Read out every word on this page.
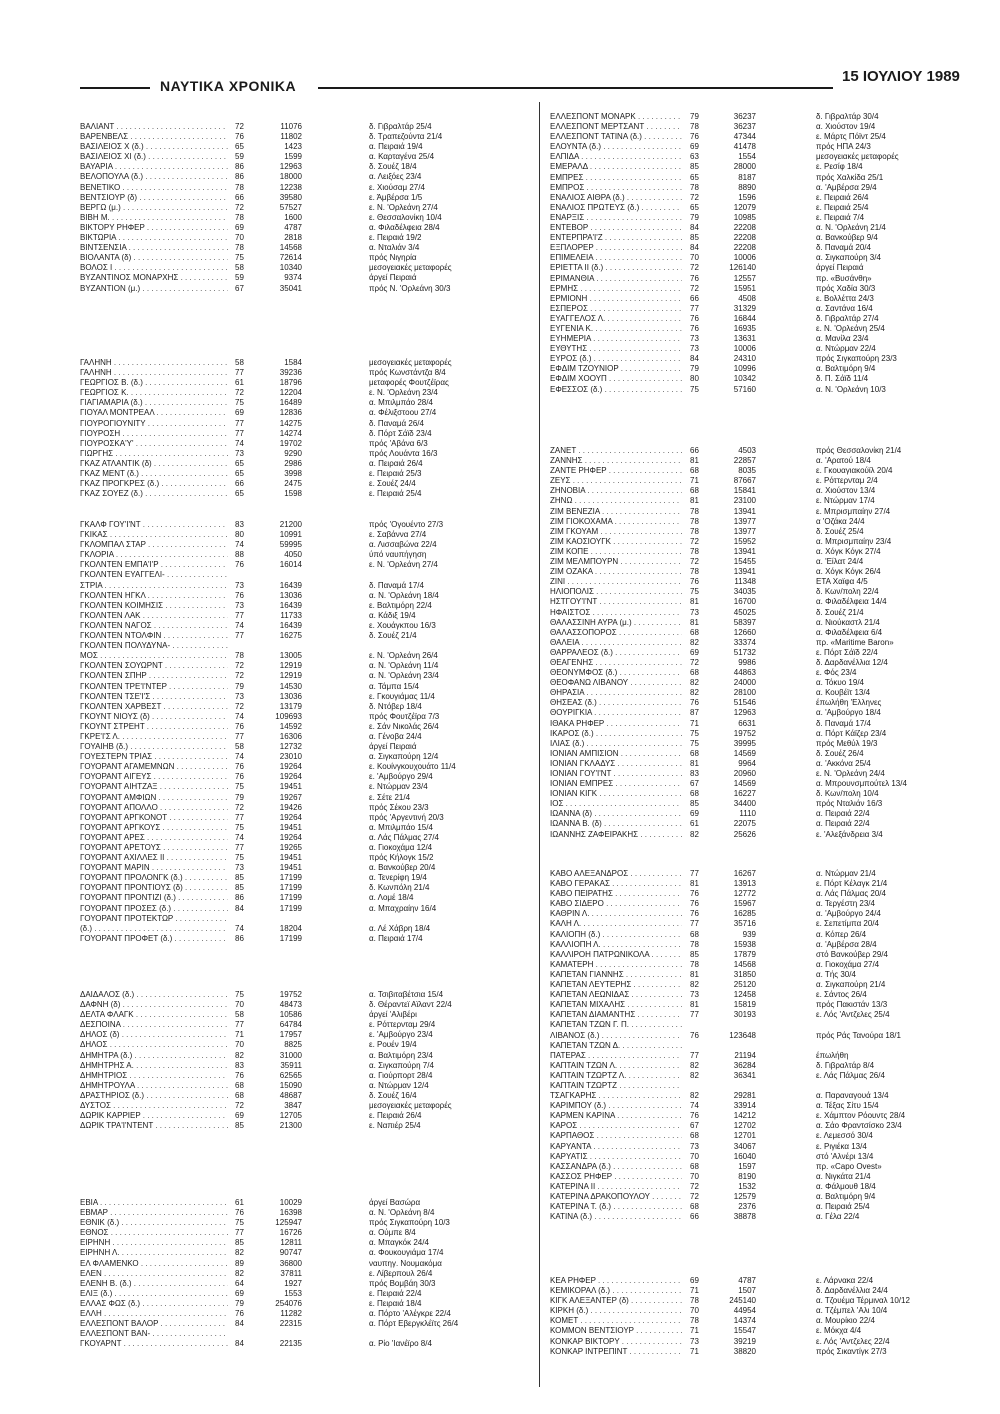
ΝΑΥΤΙΚΑ ΧΡΟΝΙΚΑ
15 ΙΟΥΛΙΟΥ 1989
ΒΑΛΙΑΝΤ . . .	72	11076	δ. Γιβραλτάρ 25/4
ΒΑΡΕΝΒΕΛΣ . . .	76	11802	δ. Τραπεζούντα 21/4
ΒΑΣΙΛΕΙΟΣ Χ (δ.) . . .	65	1423	α. Πειραιά 19/4
ΒΑΣΙΛΕΙΟΣ ΧΙ (δ.) . . .	59	1599	α. Καρταγένα 25/4
ΒΑΥΑΡΙΑ . . .	86	12963	δ. Σουέζ 18/4
ΒΕΛΟΠΟΥΛΑ (δ.) . . .	86	18000	α. Λειξόες 23/4
ΒΕΝΕΤΙΚΟ . . .	78	12238	ε. Χιούσαμ 27/4
ΒΕΝΤΣΙΟΥΡ (δ) . . .	66	39580	ε. Άμβέρσα 1/5
ΒΕΡΓΩ (μ.) . . .	72	57527	ε. Ν. 'Ορλεάνη 27/4
ΒΙΒΗ Μ. . . .	78	1600	ε. Θεσσαλονίκη 10/4
ΒΙΚΤΟΡΥ ΡΗΦΕΡ . . .	69	4787	α. Φιλαδέλφεια 28/4
ΒΙΚΤΩΡΙΑ . . .	70	2818	ε. Πειραιά 19/2
ΒΙΝΤΣΕΝΣΙΑ . . .	78	14568	α. Νταλιάν 3/4
ΒΙΟΛΑΝΤΑ (δ) . . .	75	72614	πρός Νιγηρία
ΒΟΛΟΣ Ι . . .	58	10340	μεσογειακές μεταφορές
ΒΥΖΑΝΤΙΝΟΣ ΜΟΝΑΡΧΗΣ . . .	59	9374	άργεί Πειραιά
ΒΥΖΑΝΤΙΟΝ (μ.) . . .	67	35041	πρός Ν. 'Ορλεάνη 30/3
ΓΑΛΗΝΗ . . .	58	1584	μεσογειακές μεταφορές
ΓΑΛΗΝΗ . . .	77	39236	πρός Κωνστάντζα 8/4
ΓΕΩΡΓΙΟΣ Β. (δ.) . . .	61	18796	μεταφορές Φουτζέϊρας
ΓΕΩΡΓΙΟΣ Κ. . . .	72	12204	ε. Ν. 'Ορλεάνη 23/4
ΓΙΑΓΙΑΜΑΡΙΑ (δ.) . . .	75	16489	α. Μπιλμπάο 28/4
ΓΙΟΥΑΛ ΜΟΝΤΡΕΑΛ . . .	69	12836	α. Φέλιξστοου 27/4
ΓΙΟΥΡΟΓΙΟΥΝΙΤΥ . . .	77	14275	δ. Παναμά 26/4
ΓΙΟΥΡΟΣΗ . . .	77	14274	δ. Πόρτ Σάϊδ 23/4
ΓΙΟΥΡΟΣΚΑ'Υ' . . .	74	19702	πρός 'Αβάνα 6/3
ΓΙΩΡΓΗΣ . . .	73	9290	πρός Λουάντα 16/3
ΓΚΑΖ ΑΤΛΑΝΤΙΚ (δ) . . .	65	2986	α. Πειραιά 26/4
ΓΚΑΖ ΜΕΝΤ (δ.) . . .	65	3998	ε. Πειραιά 25/3
ΓΚΑΖ ΠΡΟΓΚΡΕΣ (δ.) . . .	66	2475	ε. Σουέζ 24/4
ΓΚΑΖ ΣΟΥΕΖ (δ.) . . .	65	1598	ε. Πειραιά 25/4
ΓΚΑΛΦ ΓΟΥ'Ι'ΝΤ . . .	83	21200	πρός 'Ογουέντο 27/3
ΓΚΙΚΑΣ . . .	80	10991	ε. Σαβάννα 27/4
ΓΚΛΟΜΠΑΛ ΣΤΑΡ . . .	74	59995	α. Λισσαβώνα 22/4
ΓΚΛΟΡΙΑ . . .	88	4050	ύπό ναυπήγηση
ΓΚΟΛΝΤΕΝ ΕΜΠΑ'Ι'Ρ . . .	76	16014	ε. Ν. 'Ορλεάνη 27/4
ΓΚΟΛΝΤΕΝ ΕΥΑΓΓΕΛΙ- . . .
ΣΤΡΙΑ . . .	73	16439	δ. Παναμά 17/4
ΓΚΟΛΝΤΕΝ ΗΓΚΛ . . .	76	13036	α. Ν. 'Ορλεάνη 18/4
ΓΚΟΛΝΤΕΝ ΚΟΙΜΗΣΙΣ . . .	73	16439	ε. Βαλτιμόρη 22/4
ΓΚΟΛΝΤΕΝ ΛΑΚ . . .	77	11733	α. Κάδιξ 19/4
ΓΚΟΛΝΤΕΝ ΝΑΓΟΣ . . .	74	16439	ε. Χουάγκπου 16/3
ΓΚΟΛΝΤΕΝ ΝΤΟΛΦΙΝ . . .	77	16275	δ. Σουέζ 21/4
ΓΚΟΛΝΤΕΝ ΠΟΛΥΔΥΝΑ- . . .
ΜΟΣ . . .	78	13005	ε. Ν. 'Ορλεάνη 26/4
ΓΚΟΛΝΤΕΝ ΣΟΥΩΡΝΤ . . .	72	12919	α. Ν. 'Ορλεάνη 11/4
ΓΚΟΛΝΤΕΝ ΣΠΗΡ . . .	72	12919	α. Ν. 'Ορλεάνη 23/4
ΓΚΟΛΝΤΕΝ ΤΡΕ'Ι'ΝΤΕΡ . . .	79	14530	α. Τάμπα 15/4
ΓΚΟΛΝΤΕΝ ΤΣΕ'Ι'Σ . . .	73	13036	ε. Γκουγιάμας 11/4
ΓΚΟΛΝΤΕΝ ΧΑΡΒΕΣΤ . . .	72	13179	δ. Ντόβερ 18/4
ΓΚΟΥΝΤ ΝΙΟΥΣ (δ) . . .	74	109693	πρός Φουτζέϊρα 7/3
ΓΚΟΥΝΤ ΣΤΡΕΗΤ . . .	76	14592	ε. Σάν Νικολάς 26/4
ΓΚΡΕ'Ι'Σ Λ. . . .	77	16306	α. Γένοβα 24/4
ΓΟΥΑΙΗΒ (δ.) . . .	58	12732	άργεί Πειραιά
ΓΟΥΕΣΤΕΡΝ ΤΡΙΑΣ . . .	74	23010	α. Σιγκαπούρη 12/4
ΓΟΥΟΡΑΝΤ ΑΓΑΜΕΜΝΩΝ . . .	76	19264	ε. Κουίνγκουχουάτο 11/4
ΓΟΥΟΡΑΝΤ ΑΙΓΕΥΣ . . .	76	19264	ε. 'Αμβούργο 29/4
ΓΟΥΟΡΑΝΤ ΑΙΗΤΖΑΞ . . .	75	19451	ε. Ντώρμαν 23/4
ΓΟΥΟΡΑΝΤ ΑΜΦΙΩΝ . . .	79	19267	ε. Σέτε 21/4
ΓΟΥΟΡΑΝΤ ΑΠΟΛΛΟ . . .	72	19426	πρός Σέκου 23/3
ΓΟΥΟΡΑΝΤ ΑΡΓΚΟΝΟΤ . . .	77	19264	πρός 'Αργεντινή 20/3
ΓΟΥΟΡΑΝΤ ΑΡΓΚΟΥΣ . . .	75	19451	α. Μπιλμπάο 15/4
ΓΟΥΟΡΑΝΤ ΑΡΕΣ . . .	74	19264	α. Λάς Πάλμας 27/4
ΓΟΥΟΡΑΝΤ ΑΡΕΤΟΥΣ . . .	77	19265	α. Γιοκοχάμα 12/4
ΓΟΥΟΡΑΝΤ ΑΧΙΛΛΕΣ ΙΙ . . .	75	19451	πρός Κήλογκ 15/2
ΓΟΥΟΡΑΝΤ ΜΑΡΙΝ . . .	73	19451	α. Βανκούβερ 20/4
ΓΟΥΟΡΑΝΤ ΠΡΟΛΟΝΓΚ (δ.) . . .	85	17199	α. Τενερίφη 19/4
ΓΟΥΟΡΑΝΤ ΠΡΟΝΤΙΟΥΣ (δ) . . .	85	17199	δ. Κωνπόλη 21/4
ΓΟΥΟΡΑΝΤ ΠΡΟΝΤΙΖΙ (δ.) . . .	86	17199	α. Λομέ 18/4
ΓΟΥΟΡΑΝΤ ΠΡΟΣΕΣ (δ.) . . .	84	17199	α. Μπαχραίην 16/4
ΓΟΥΟΡΑΝΤ ΠΡΟΤΕΚΤΩΡ . . .
(δ.) . . .	74	18204	α. Λέ Χάβρη 18/4
ΓΟΥΟΡΑΝΤ ΠΡΟΦΕΤ (δ.) . . .	86	17199	α. Πειραιά 17/4
ΔΑΙΔΑΛΟΣ (δ.) . . .	75	19752	α. Τσιβιταβέτσια 15/4
ΔΑΦΝΗ (δ) . . .	70	48473	δ. Θέραντεϊ Αϊλαντ 22/4
ΔΕΛΤΑ ΦΛΑΓΚ . . .	58	10586	άργεί 'Αλιβέρι
ΔΕΣΠΟΙΝΑ . . .	77	64784	ε. Ρόττερνταμ 29/4
ΔΗΛΟΣ (δ) . . .	71	17957	ε. 'Αμβούργο 23/4
ΔΗΛΟΣ . . .	70	8825	ε. Ρουέν 19/4
ΔΗΜΗΤΡΑ (δ.) . . .	82	31000	α. Βαλτιμόρη 23/4
ΔΗΜΗΤΡΗΣ Α. . . .	83	35911	α. Σιγκαπούρη 7/4
ΔΗΜΗΤΡΙΟΣ . . .	76	62565	α. Γιούρπορτ 28/4
ΔΗΜΗΤΡΟΥΛΑ . . .	68	15090	α. Ντώρμαν 12/4
ΔΡΑΣΤΗΡΙΟΣ (δ.) . . .	68	48687	δ. Σουέζ 16/4
ΔΥΣΤΟΣ . . .	72	3847	μεσογειακές μεταφορές
ΔΩΡΙΚ ΚΑΡΡΙΕΡ . . .	69	12705	ε. Πειραιά 26/4
ΔΩΡΙΚ ΤΡΑ'Ι'ΝΤΕΝΤ . . .	85	21300	ε. Ναπιέρ 25/4
ΕΒΙΑ . . .	61	10029	άργεί Βασώρα
ΕΒΜΑΡ . . .	76	16398	α. Ν. 'Ορλεάνη 8/4
ΕΘΝΙΚ (δ.) . . .	75	125947	πρός Σιγκαπούρη 10/3
ΕΘΝΟΣ . . .	77	16726	α. Ούμπε 8/4
ΕΙΡΗΝΗ . . .	85	12811	α. Μπαγκόκ 24/4
ΕΙΡΗΝΗ Λ. . . .	82	90747	α. Φουκουγιάμα 17/4
ΕΛ ΦΛΑΜΕΝΚΟ . . .	89	36800	ναυπηγ. Νουμακόμα
ΕΛΕΝ . . .	82	37811	ε. Λίβερπουλ 26/4
ΕΛΕΝΗ Β. (δ.) . . .	64	1927	πρός Βομβάη 30/3
ΕΛΙΞ (δ.) . . .	69	1553	ε. Πειραιά 22/4
ΕΛΛΑΣ ΦΩΣ (δ.) . . .	79	254076	ε. Πειραιά 18/4
ΕΛΛΗ . . .	76	11282	α. Πόρτο 'Αλέγκρε 22/4
ΕΛΛΕΣΠΟΝΤ ΒΑΛΟΡ . . .	84	22315	α. Πόρτ Εβεργκλέϊτς 26/4
ΕΛΛΕΣΠΟΝΤ ΒΑΝ- . . .
ΓΚΟΥΑΡΝΤ . . .	84	22135	α. Ρίο 'Ιανέϊρο 8/4
ΕΛΛΕΣΠΟΝΤ ΜΟΝΑΡΚ . . .	79	36237	δ. Γιβραλτάρ 30/4
ΕΛΛΕΣΠΟΝΤ ΜΕΡΤΣΑΝΤ . . .	78	36237	α. Χιούστον 19/4
ΕΛΛΕΣΠΟΝΤ ΤΑΤΙΝΑ (δ.) . . .	76	47344	ε. Μάρτς Πόϊντ 25/4
ΕΛΟΥΝΤΑ (δ.) . . .	69	41478	πρός ΗΠΑ 24/3
ΕΛΠΙΔΑ . . .	63	1554	μεσογειακές μεταφορές
ΕΜΕΡΑΛΔ . . .	85	28000	ε. Ρεσίφ 18/4
ΕΜΠΡΕΣ . . .	65	8187	πρός Χαλκίδα 25/1
ΕΜΠΡΟΣ . . .	78	8890	α. 'Αμβέρσα 29/4
ΕΝΑΛΙΟΣ ΑΙΘΡΑ (δ.) . . .	72	1596	ε. Πειραιά 26/4
ΕΝΑΛΙΟΣ ΠΡΩΤΕΥΣ (δ.) . . .	65	12079	ε. Πειραιά 25/4
ΕΝΑΡΞΙΣ . . .	79	10985	ε. Πειραιά 7/4
ΕΝΤΕΒΟΡ . . .	84	22208	α. Ν. 'Ορλεάνη 21/4
ΕΝΤΕΡΠΡΑ'Ι'Ζ . . .	85	22208	α. Βανκούβερ 9/4
ΕΞΠΛΟΡΕΡ . . .	84	22208	δ. Παναμά 20/4
ΕΠΙΜΕΛΕΙΑ . . .	70	10006	α. Σιγκαπούρη 3/4
ΕΡΙΕΤΤΑ ΙΙ (δ.) . . .	72	126140	άργεί Πειραιά
ΕΡΙΜΑΝΘΙΑ . . .	76	12557	πρ. «Βυσάνθη»
ΕΡΜΗΣ . . .	72	15951	πρός Χαδία 30/3
ΕΡΜΙΟΝΗ . . .	66	4508	ε. Βολλέττα 24/3
ΕΣΠΕΡΟΣ . . .	77	31329	α. Σαντάνα 16/4
ΕΥΑΓΓΕΛΟΣ Λ. . . .	76	16844	δ. Γιβραλτάρ 27/4
ΕΥΓΕΝΙΑ Κ. . . .	76	16935	ε. Ν. 'Ορλεάνη 25/4
ΕΥΗΜΕΡΙΑ . . .	73	13631	α. Μανίλα 23/4
ΕΥΘΥΤΗΣ . . .	73	10006	α. Ντώρμαν 22/4
ΕΥΡΟΣ (δ.) . . .	84	24310	πρός Σιγκαπούρη 23/3
ΕΦΔΙΜ ΤΖΟΥΝΙΟΡ . . .	79	10996	α. Βαλτιμόρη 9/4
ΕΦΔΙΜ ΧΟΟΥΠ . . .	80	10342	δ. Π. Σάϊδ 11/4
ΕΦΕΣΣΟΣ (δ.) . . .	75	57160	α. Ν. 'Ορλεάνη 10/3
ΖΑΝΕΤ . . .	66	4503	πρός Θεσσαλονίκη 21/4
ΖΑΝΝΗΣ . . .	81	22857	α. 'Αρατού 18/4
ΖΑΝΤΕ ΡΗΦΕΡ . . .	68	8035	ε. Γκουαγιακούϊλ 20/4
ΖΕΥΣ . . .	71	87667	ε. Ρόττερνταμ 2/4
ΖΗΝΟΒΙΑ . . .	68	15841	α. Χιούστον 13/4
ΖΗΝΩ . . .	81	23100	ε. Ντώρμαν 17/4
ΖΙΜ ΒΕΝΕΖΙΑ . . .	78	13941	ε. Μπρισμπαίην 27/4
ΖΙΜ ΓΙΟΚΟΧΑΜΑ . . .	78	13977	α 'Οζάκα 24/4
ΖΙΜ ΓΚΟΥΑΜ . . .	78	13977	δ. Σουέζ 25/4
ΖΙΜ ΚΑΟΣΙΟΥΓΚ . . .	72	15952	α. Μπρισμπαίην 23/4
ΖΙΜ ΚΟΠΕ . . .	78	13941	α. Χόγκ Κόγκ 27/4
ΖΙΜ ΜΕΛΜΠΟΥΡΝ . . .	72	15455	α. 'Είλατ 24/4
ΖΙΜ ΟΖΑΚΑ . . .	78	13941	α. Χόγκ Κόγκ 26/4
ΖΙΝΙ . . .	76	11348	ΕΤΑ Χαϊφα 4/5
ΗΛΙΟΠΟΛΙΣ . . .	75	34035	δ. Κων/πολη 22/4
ΗΣΤΓΟΥ'Ι'ΝΤ . . .	81	16700	α. Φιλαδέλφεια 14/4
ΗΦΑΙΣΤΟΣ . . .	73	45025	δ. Σουέζ 21/4
ΘΑΛΑΣΣΙΝΗ ΑΥΡΑ (μ.) . . .	81	58397	α. Νιούκαστλ 21/4
ΘΑΛΑΣΣΟΠΟΡΟΣ . . .	68	12660	α. Φιλαδέλφεια 6/4
ΘΑΛΕΙΑ . . .	82	33374	πρ. «Maritime Baron»
ΘΑΡΡΑΛΕΟΣ (δ.) . . .	69	51732	ε. Πόρτ Σάϊδ 22/4
ΘΕΑΓΕΝΗΣ . . .	72	9986	δ. Δαρδανέλλια 12/4
ΘΕΟΝΥΜΦΟΣ (δ.) . . .	68	44863	ε. Φός 23/4
ΘΕΟΦΑΝΩ ΛΙΒΑΝΟΥ . . .	82	24000	α. Τόκυο 19/4
ΘΗΡΑΣΙΑ . . .	82	28100	α. Κουβέϊτ 13/4
ΘΗΣΕΑΣ (δ.) . . .	76	51546	έπωλήθη 'Ελληνες
ΘΟΥΡΙΓΚΙΑ . . .	87	12963	α. 'Αμβούργο 18/4
ΙΘΑΚΑ ΡΗΦΕΡ . . .	71	6631	δ. Παναμά 17/4
ΙΚΑΡΟΣ (δ.) . . .	75	19752	α. Πόρτ Κάϊζερ 23/4
ΙΛΙΑΣ (δ.) . . .	75	39995	πρός Μεθύλ 19/3
ΙΟΝΙΑΝ ΑΜΠΙΣΙΟΝ . . .	68	14569	δ. Σουέζ 26/4
ΙΟΝΙΑΝ ΓΚΛΑΔΥΣ . . .	81	9964	α. 'Ακκόνα 25/4
ΙΟΝΙΑΝ ΓΟΥ'Ι'ΝΤ . . .	83	20960	ε. Ν. 'Ορλεάνη 24/4
ΙΟΝΙΑΝ ΕΜΠΡΕΣ . . .	67	14569	α. Μπρουνσμπούτελ 13/4
ΙΟΝΙΑΝ ΚΙΓΚ . . .	68	16227	δ. Κων/πολη 10/4
ΙΟΣ . . .	85	34400	πρός Νταλιάν 16/3
ΙΩΑΝΝΑ (δ) . . .	69	1110	α. Πειραιά 22/4
ΙΩΑΝΝΑ Β. (δ) . . .	61	22075	α. Πειραιά 22/4
ΙΩΑΝΝΗΣ ΖΑΦΕΙΡΑΚΗΣ . . .	82	25626	ε. 'Αλεξάνδρεια 3/4
ΚΑΒΟ ΑΛΕΞΑΝΔΡΟΣ . . .	77	16267	α. Ντώρμαν 21/4
ΚΑΒΟ ΓΕΡΑΚΑΣ . . .	81	13913	ε. Πόρτ Κέλαγκ 21/4
ΚΑΒΟ ΠΕΙΡΑΤΗΣ . . .	76	12772	α. Λάς Πάλμας 20/4
ΚΑΒΟ ΣΙΔΕΡΟ . . .	76	15967	α. Τεργέστη 23/4
ΚΑΘΡΙΝ Λ. . . .	76	16285	α. 'Αμβούργο 24/4
ΚΑΛΗ Λ. . . .	77	35716	ε. Σεπετίμπα 20/4
ΚΑΛΙΟΠΗ (δ.) . . .	68	939	α. Κόπερ 26/4
ΚΑΛΛΙΟΠΗ Λ. . . .	78	15938	α. 'Αμβέρσα 28/4
ΚΑΛΛΙΡΟΗ ΠΑΤΡΩΝΙΚΟΛΑ . . .	85	17879	στό Βανκούβερ 29/4
ΚΑΜΑΤΕΡΗ . . .	78	14568	α. Γιοκοχάμα 27/4
ΚΑΠΕΤΑΝ ΓΙΑΝΝΗΣ . . .	81	31850	α. Τής 30/4
ΚΑΠΕΤΑΝ ΛΕΥΤΕΡΗΣ . . .	82	25120	α. Σιγκαπούρη 21/4
ΚΑΠΕΤΑΝ ΛΕΩΝΙΔΑΣ . . .	73	12458	ε. Σάντος 26/4
ΚΑΠΕΤΑΝ ΜΙΧΑΛΗΣ . . .	81	15819	πρός Πακιστάν 13/3
ΚΑΠΕΤΑΝ ΔΙΑΜΑΝΤΗΣ . . .	77	30193	ε. Λός 'Αντζελες 25/4
ΚΑΠΕΤΑΝ ΤΖΩΝ Γ. Π. . . .
ΛΙΒΑΝΟΣ (δ.) . . .	76	123648	πρός Ράς Τανούρα 18/1
ΚΑΠΕΤΑΝ ΤΖΩΝ Δ. . . .
ΠΑΤΕΡΑΣ . . .	77	21194	έπωλήθη
ΚΑΠΤΑΙΝ ΤΖΩΝ Λ. . . .	82	36284	δ. Γιβραλτάρ 8/4
ΚΑΠΤΑΙΝ ΤΖΩΡΤΖ Λ. . . .	82	36341	ε. Λάς Πάλμας 26/4
ΚΑΠΤΑΙΝ ΤΖΩΡΤΖ . . .
ΤΣΑΓΚΑΡΗΣ . . .	82	29281	α. Παραναγουά 13/4
ΚΑΡΙΜΠΟΥ (δ.) . . .	74	33914	α. Τέξας Σίτυ 15/4
ΚΑΡΜΕΝ ΚΑΡΙΝΑ . . .	76	14212	ε. Χάμπτον Ρόουντς 28/4
ΚΑΡΟΣ . . .	67	12702	α. Σάο Φραντσίσκο 23/4
ΚΑΡΠΑΘΟΣ . . .	68	12701	ε. Λεμεσσό 30/4
ΚΑΡΥΑΝΤΑ . . .	73	34067	ε. Ριγιέκα 13/4
ΚΑΡΥΑΤΙΣ . . .	70	16040	στό 'Αλνέρι 13/4
ΚΑΣΣΑΝΔΡΑ (δ.) . . .	68	1597	πρ. «Capo Ovest»
ΚΑΣΣΟΣ ΡΗΦΕΡ . . .	70	8190	α. Νιγκάτα 21/4
ΚΑΤΕΡΙΝΑ ΙΙ . . .	72	1532	α. Φάλμουθ 18/4
ΚΑΤΕΡΙΝΑ ΔΡΑΚΟΠΟΥΛΟΥ . . .	72	12579	α. Βαλτιμόρη 9/4
ΚΑΤΕΡΙΝΑ Τ. (δ.) . . .	68	2376	α. Πειραιά 25/4
ΚΑΤΙΝΑ (δ.) . . .	66	38878	α. Γέλα 22/4
ΚΕΑ ΡΗΦΕΡ . . .	69	4787	ε. Λάρνακα 22/4
ΚΕΜΙΚΟΡΑΛ (δ.) . . .	71	1507	δ. Δαρδανέλλια 24/4
ΚΙΓΚ ΑΛΕΞΑΝΤΕΡ (δ) . . .	78	245140	α. Τζουέμα Τέρμιναλ 10/12
ΚΙΡΚΗ (δ.) . . .	70	44954	α. Τζέμπελ 'Αλι 10/4
ΚΟΜΕΤ . . .	78	14374	α. Μουρίκιο 22/4
ΚΟΜΜΟΝ ΒΕΝΤΣΙΟΥΡ . . .	71	15547	ε. Μόκχα 4/4
ΚΟΝΚΑΡ ΒΙΚΤΟΡΥ . . .	73	39219	ε. Λός 'Αντζελες 22/4
ΚΟΝΚΑΡ ΙΝΤΡΕΠΙΝΤ . . .	71	38820	πρός Σικαντίγκ 27/3
